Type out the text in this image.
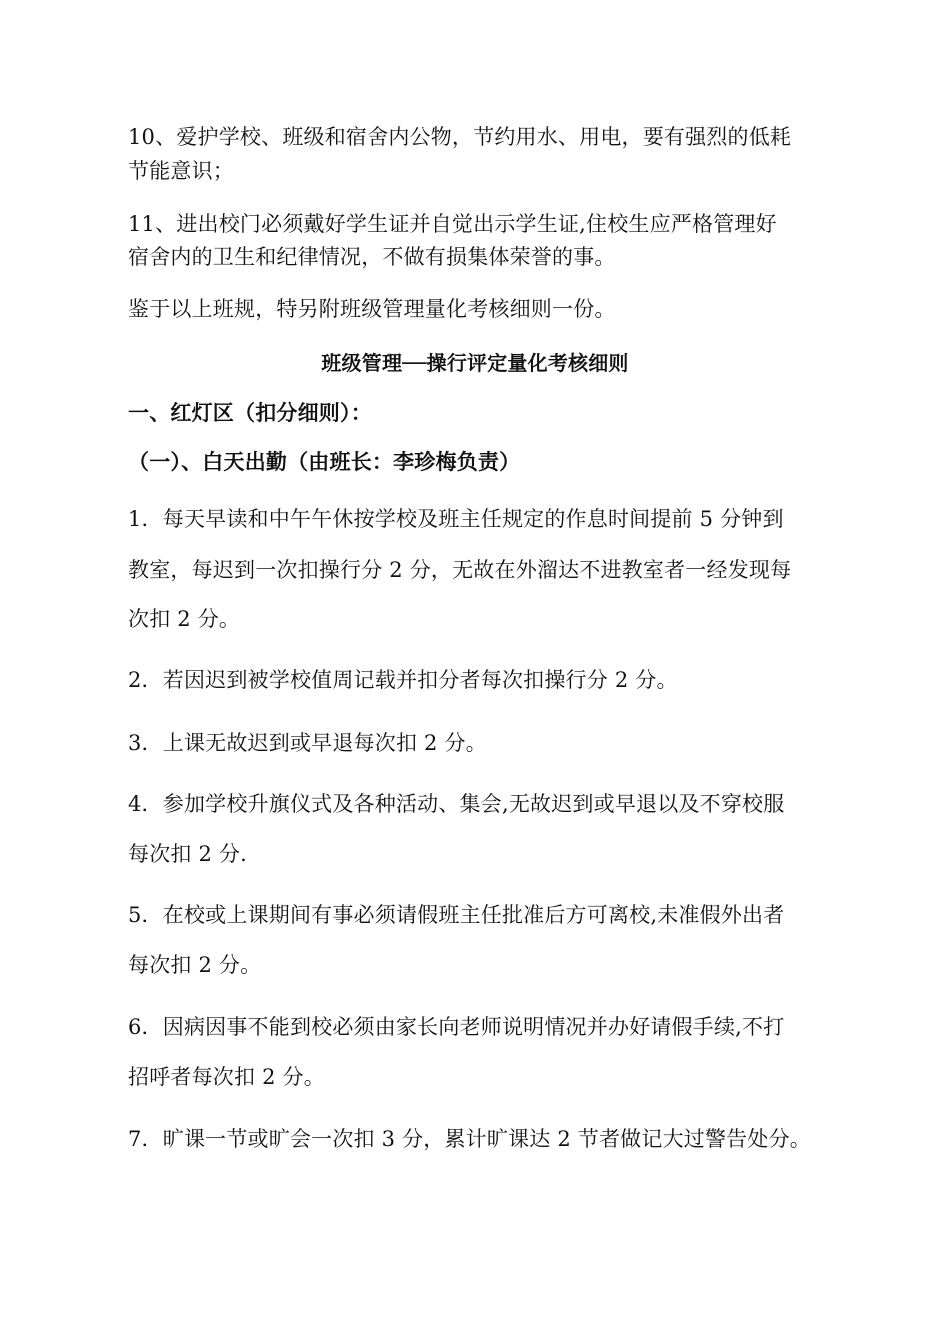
10、爱护学校、班级和宿舍内公物，节约用水、用电，要有强烈的低耗
节能意识；
11、进出校门必须戴好学生证并自觉出示学生证,住校生应严格管理好
宿舍内的卫生和纪律情况，不做有损集体荣誉的事。
鉴于以上班规，特另附班级管理量化考核细则一份。
班级管理──操行评定量化考核细则
一、红灯区（扣分细则）：
（一）、白天出勤（由班长：李珍梅负责）
1．每天早读和中午午休按学校及班主任规定的作息时间提前 5 分钟到
教室，每迟到一次扣操行分 2 分，无故在外溜达不进教室者一经发现每
次扣 2 分。
2．若因迟到被学校值周记载并扣分者每次扣操行分 2 分。
3．上课无故迟到或早退每次扣 2 分。
4．参加学校升旗仪式及各种活动、集会,无故迟到或早退以及不穿校服
每次扣 2 分.
5．在校或上课期间有事必须请假班主任批准后方可离校,未准假外出者
每次扣 2 分。
6．因病因事不能到校必须由家长向老师说明情况并办好请假手续,不打
招呼者每次扣 2 分。
7．旷课一节或旷会一次扣 3 分，累计旷课达 2 节者做记大过警告处分。
